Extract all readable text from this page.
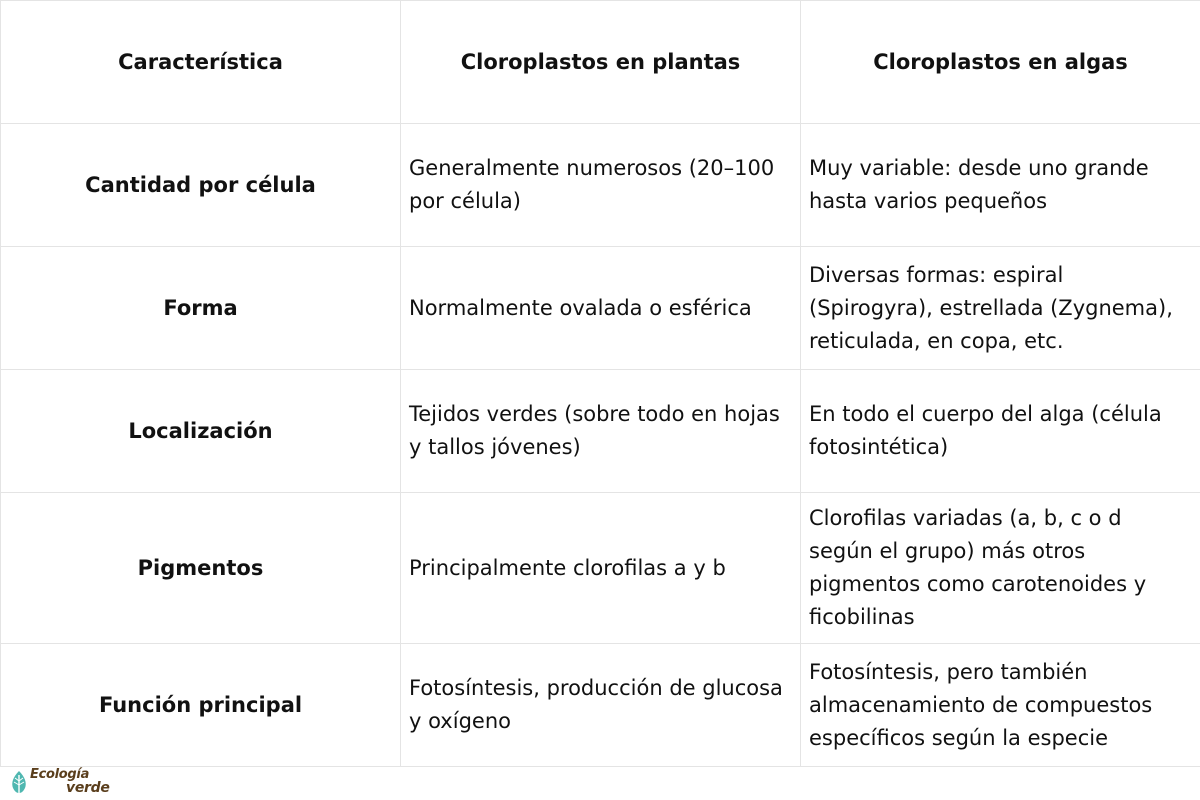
Característica	Cloroplastos en plantas	Cloroplastos en algas
Cantidad por célula	Generalmente numerosos (20–100 por célula)	Muy variable: desde uno grande hasta varios pequeños
Forma	Normalmente ovalada o esférica	Diversas formas: espiral (Spirogyra), estrellada (Zygnema), reticulada, en copa, etc.
Localización	Tejidos verdes (sobre todo en hojas y tallos jóvenes)	En todo el cuerpo del alga (célula fotosintética)
Pigmentos	Principalmente clorofilas a y b	Clorofilas variadas (a, b, c o d según el grupo) más otros pigmentos como carotenoides y ficobilinas
Función principal	Fotosíntesis, producción de glucosa y oxígeno	Fotosíntesis, pero también almacenamiento de compuestos específicos según la especie
Ecología
verde
